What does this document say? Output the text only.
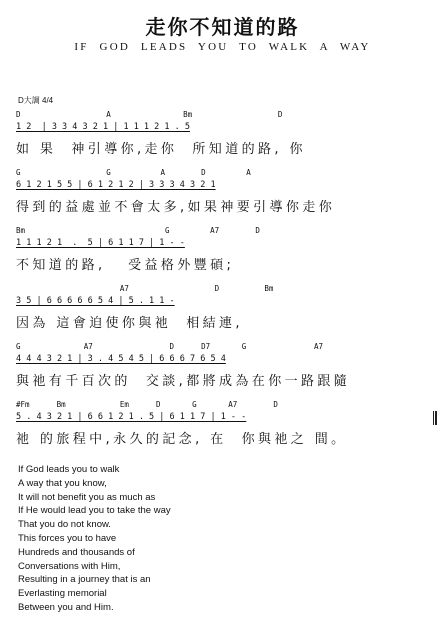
走你不知道的路
IF GOD LEADS YOU TO WALK A WAY
D大調 4/4
D                   A                Bm                   D
1 2  | 3 3 4 3 2 1 | 1 1 1 2 1 . 5
如 果  神引導你,走你  所知道的路, 你
G                   G           A        D         A
6 1 2 1 5 5 | 6 1 2 1 2 | 3 3 3 4 3 2 1
得到的益處並不會太多,如果神要引導你走你
Bm                               G         A7        D
1 1 1 2 1  .  5 | 6 1 1 7 | 1 - -
不知道的路,   受益格外豐碩;
A7                   D          Bm
3 5 | 6 6 6 6 6 5 4 | 5 . 1 1 -
因為 這會迫使你與祂  相結連,
G              A7                 D      D7       G               A7
4 4 4 3 2 1 | 3 . 4 5 4 5 | 6 6 6 7 6 5 4
與祂有千百次的  交談,都將成為在你一路跟隨
#Fm      Bm            Em      D       G       A7        D
5 . 4 3 2 1 | 6 6 1 2 1 . 5 | 6 1 1 7 | 1 - -
祂 的旅程中,永久的記念, 在  你與祂之 間。
If God leads you to walk
A way that you know,
It will not benefit you as much as
If He would lead you to take the way
That you do not know.
This forces you to have
Hundreds and thousands of
Conversations with Him,
Resulting in a journey that is an
Everlasting memorial
Between you and Him.
